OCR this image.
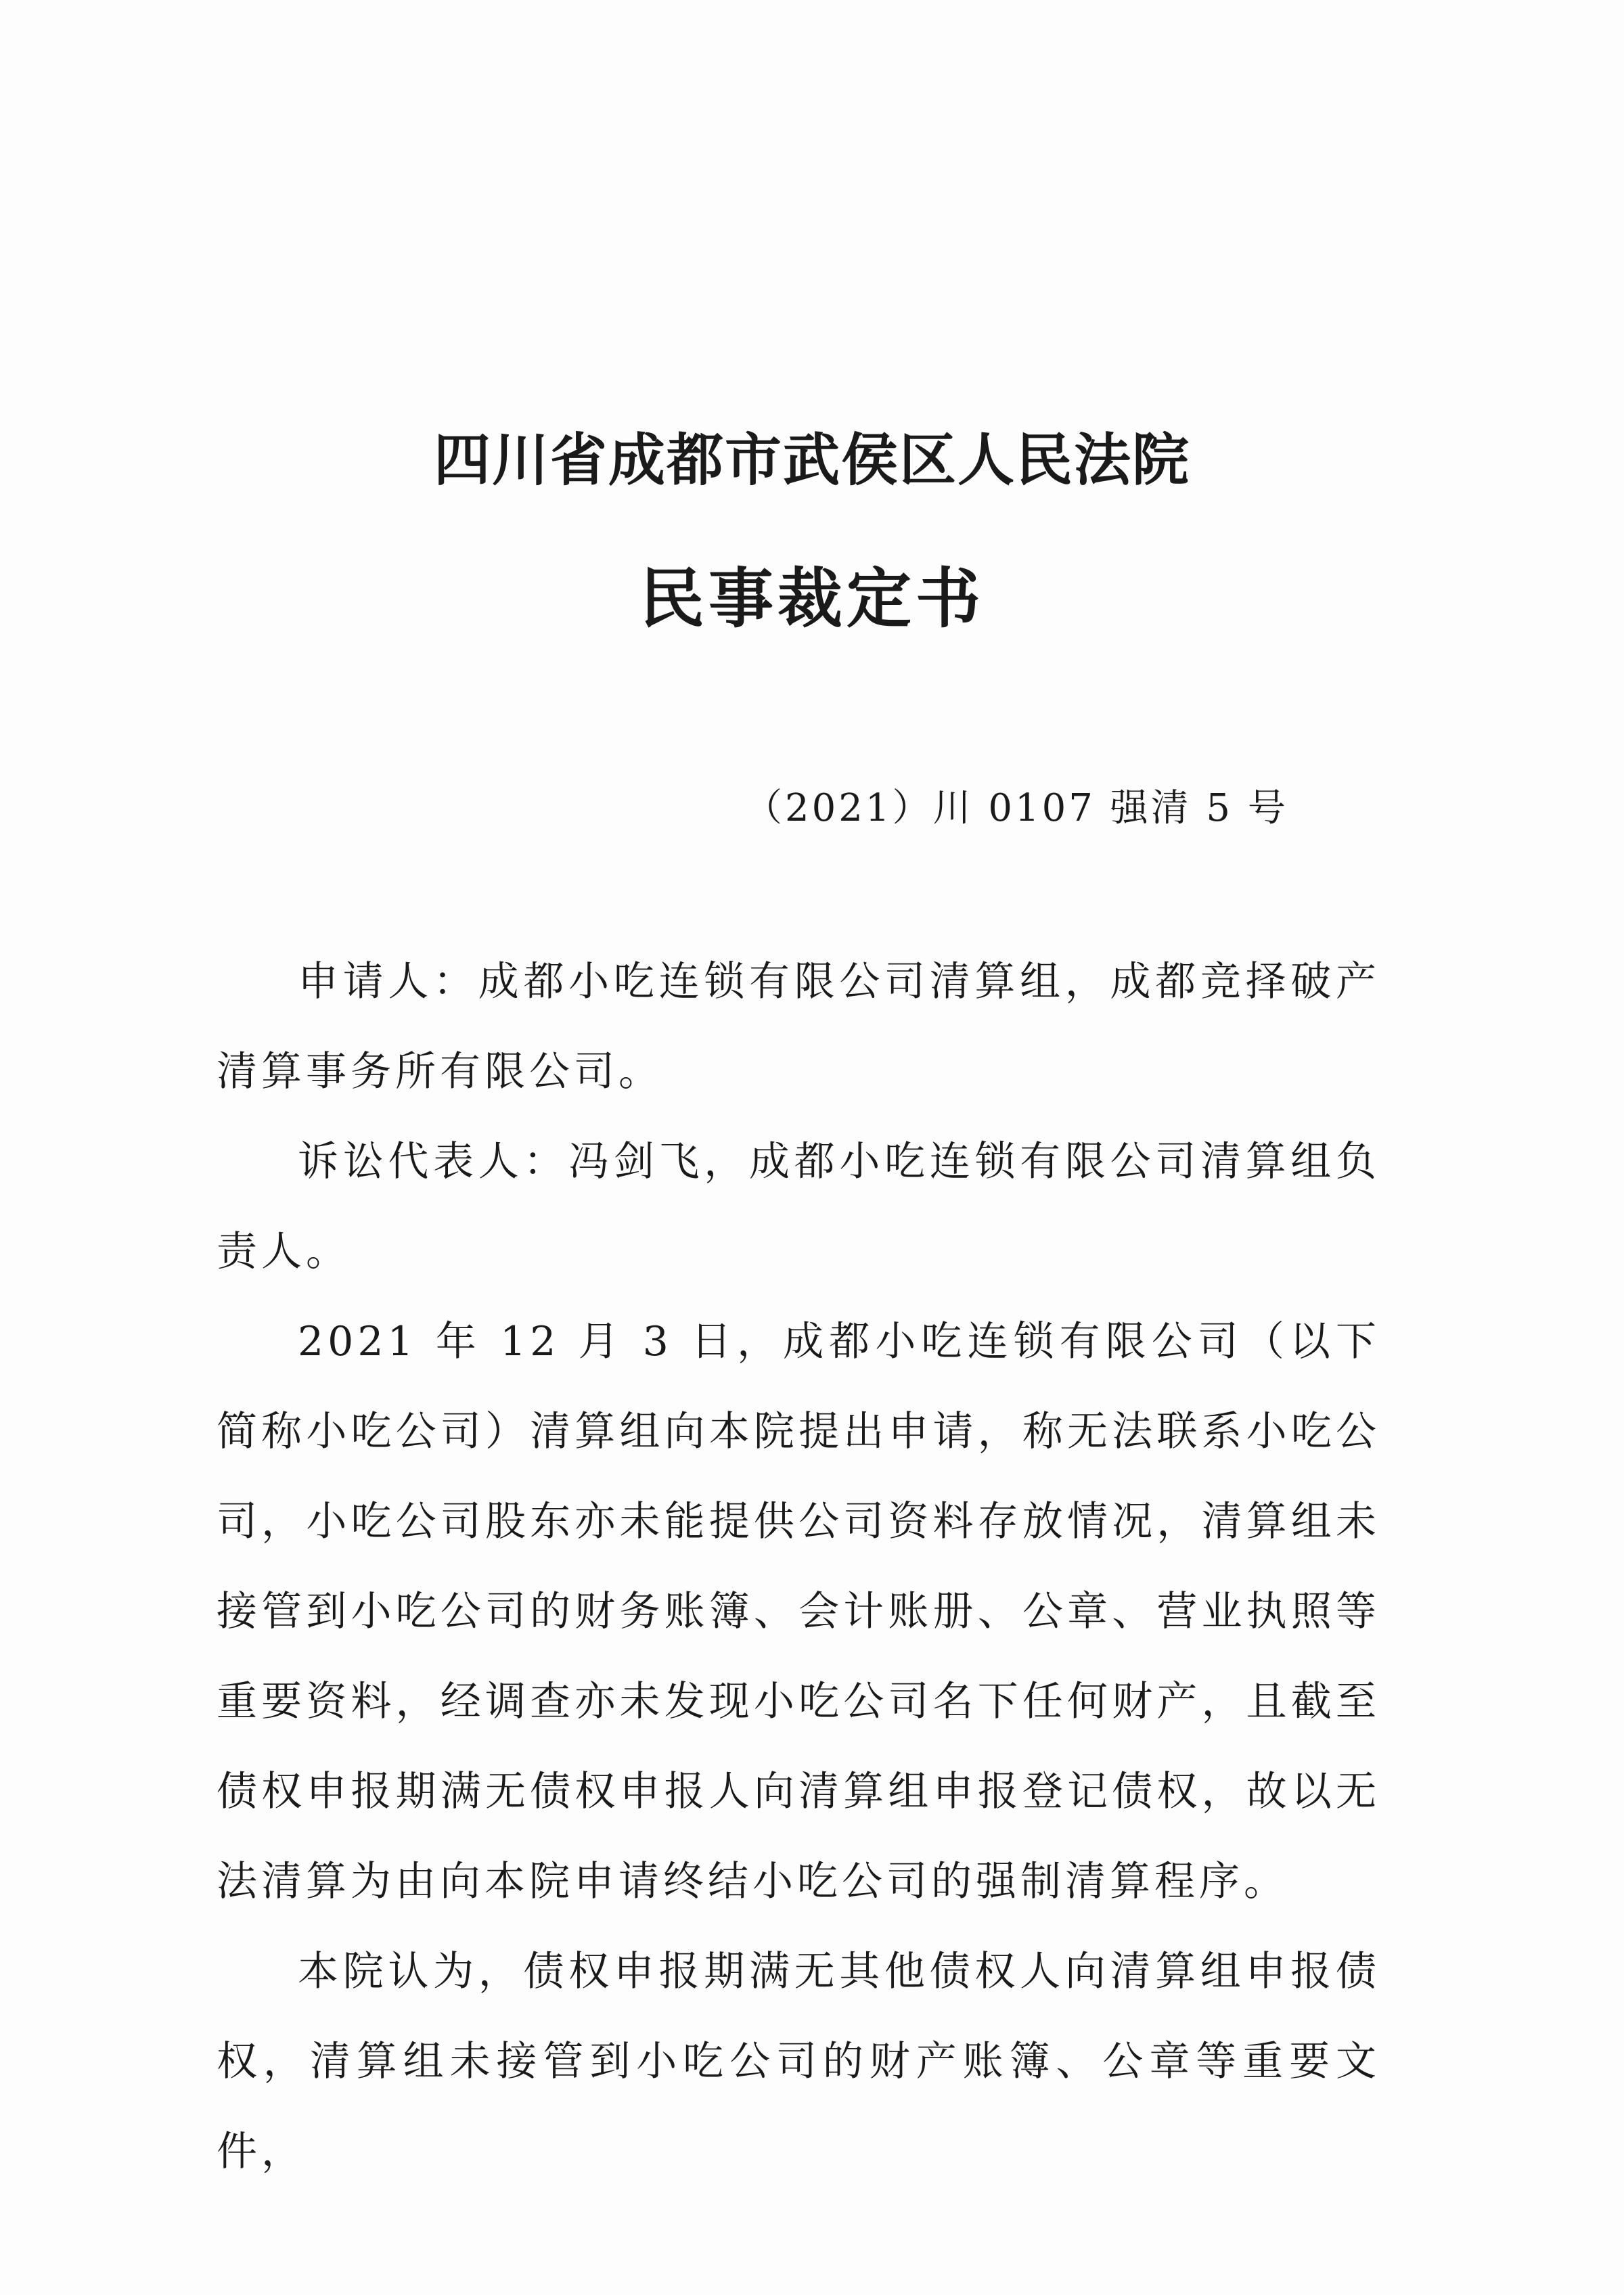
四川省成都市武侯区人民法院
民事裁定书
（2021）川 0107 强清 5 号

申请人：成都小吃连锁有限公司清算组，成都竞择破产清算事务所有限公司。

诉讼代表人：冯剑飞，成都小吃连锁有限公司清算组负责人。

2021 年 12 月 3 日，成都小吃连锁有限公司（以下简称小吃公司）清算组向本院提出申请，称无法联系小吃公司，小吃公司股东亦未能提供公司资料存放情况，清算组未接管到小吃公司的财务账簿、会计账册、公章、营业执照等重要资料，经调查亦未发现小吃公司名下任何财产，且截至债权申报期满无债权申报人向清算组申报登记债权，故以无法清算为由向本院申请终结小吃公司的强制清算程序。

本院认为，债权申报期满无其他债权人向清算组申报债权，清算组未接管到小吃公司的财产账簿、公章等重要文件，
